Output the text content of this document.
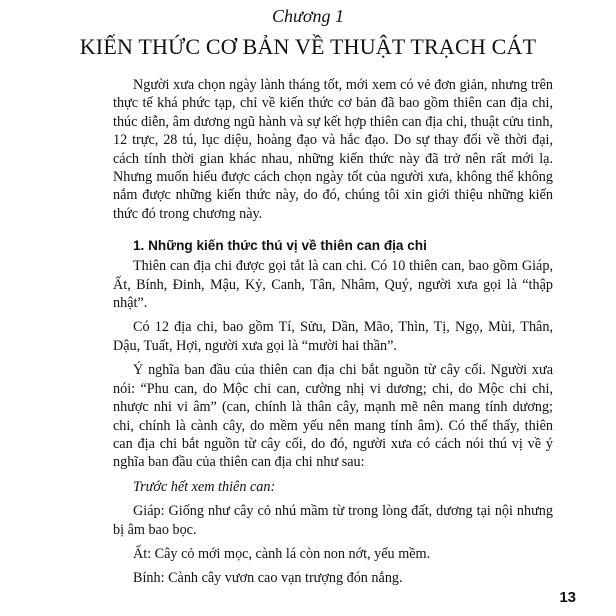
Chương 1
KIẾN THỨC CƠ BẢN VỀ THUẬT TRẠCH CÁT

Người xưa chọn ngày lành tháng tốt, mới xem có vẻ đơn giản, nhưng trên thực tế khá phức tạp, chỉ về kiến thức cơ bản đã bao gồm thiên can địa chi, thúc diễn, âm dương ngũ hành và sự kết hợp thiên can địa chi, thuật cửu tinh, 12 trực, 28 tú, lục diệu, hoàng đạo và hắc đạo. Do sự thay đổi về thời đại, cách tính thời gian khác nhau, những kiến thức này đã trở nên rất mới lạ. Nhưng muốn hiểu được cách chọn ngày tốt của người xưa, không thể không nắm được những kiến thức này, do đó, chúng tôi xin giới thiệu những kiến thức đó trong chương này.

1. Những kiến thức thú vị về thiên can địa chi

Thiên can địa chi được gọi tắt là can chi. Có 10 thiên can, bao gồm Giáp, Ất, Bính, Đinh, Mậu, Kỷ, Canh, Tân, Nhâm, Quý, người xưa gọi là “thập nhật”.

Có 12 địa chi, bao gồm Tí, Sửu, Dần, Mão, Thìn, Tị, Ngọ, Mùi, Thân, Dậu, Tuất, Hợi, người xưa gọi là “mười hai thần”.

Ý nghĩa ban đầu của thiên can địa chi bắt nguồn từ cây cối. Người xưa nói: “Phu can, do Mộc chi can, cường nhị vi dương; chi, do Mộc chi chi, nhược nhi vi âm” (can, chính là thân cây, mạnh mẽ nên mang tính dương; chi, chính là cành cây, do mềm yếu nên mang tính âm). Có thể thấy, thiên can địa chi bắt nguồn từ cây cối, do đó, người xưa có cách nói thú vị về ý nghĩa ban đầu của thiên can địa chi như sau:

Trước hết xem thiên can:

Giáp: Giống như cây cỏ nhú mầm từ trong lòng đất, dương tại nội nhưng bị âm bao bọc.

Ất: Cây cỏ mới mọc, cành lá còn non nớt, yếu mềm.

Bính: Cành cây vươn cao vạn trượng đón nắng.

13
